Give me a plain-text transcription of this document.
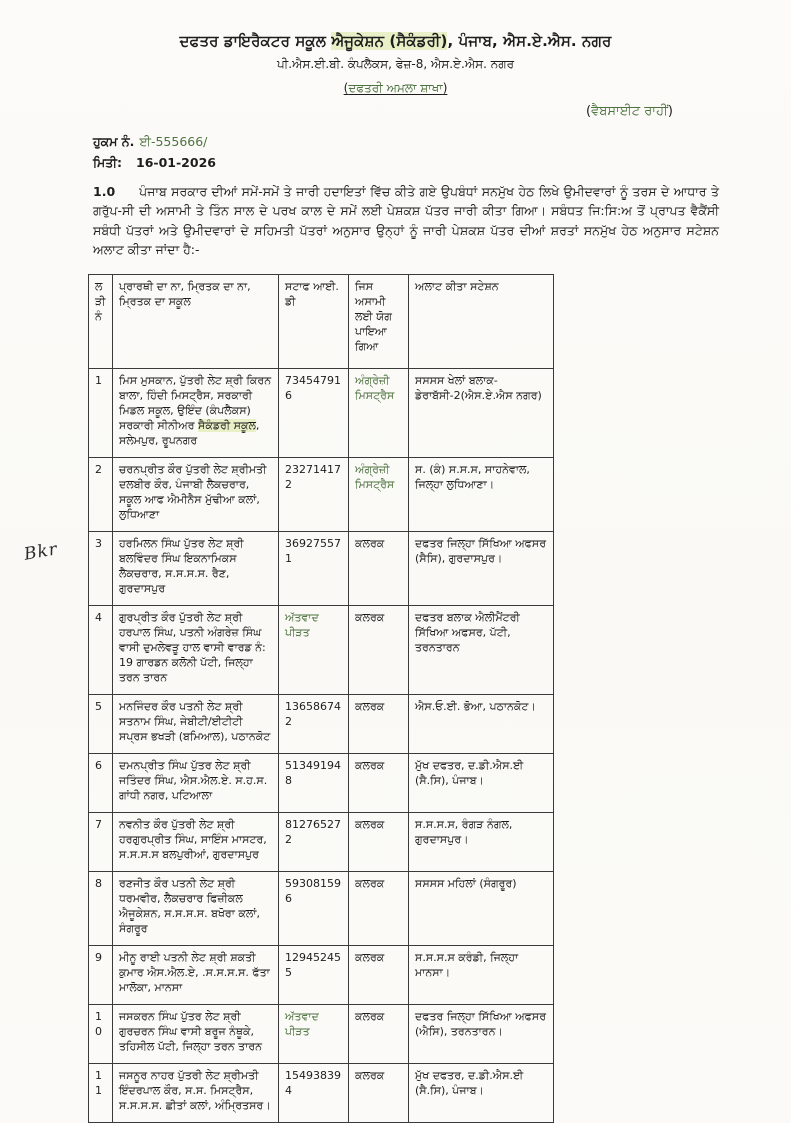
ਦਫਤਰ ਡਾਇਰੈਕਟਰ ਸਕੂਲ ਐਜੂਕੇਸ਼ਨ (ਸੈਕੰਡਰੀ), ਪੰਜਾਬ, ਐਸ.ਏ.ਐਸ. ਨਗਰ
ਪੀ.ਐਸ.ਈ.ਬੀ. ਕੰਪਲੈਕਸ, ਫੇਜ਼-8, ਐਸ.ਏ.ਐਸ. ਨਗਰ
(ਦਫਤਰੀ ਅਮਲਾ ਸ਼ਾਖਾ)
(ਵੈਬਸਾਈਟ ਰਾਹੀਂ)
ਹੁਕਮ ਨੰ. ਈ-555666/
ਮਿਤੀ: 16-01-2026
1.0 ਪੰਜਾਬ ਸਰਕਾਰ ਦੀਆਂ ਸਮੇਂ-ਸਮੇਂ ਤੇ ਜਾਰੀ ਹਦਾਇਤਾਂ ਵਿੱਚ ਕੀਤੇ ਗਏ ਉਪਬੰਧਾਂ ਸਨਮੁੱਖ ਹੇਠ ਲਿਖੇ ਉਮੀਦਵਾਰਾਂ ਨੂੰ ਤਰਸ ਦੇ ਆਧਾਰ ਤੇ ਗਰੁੱਪ-ਸੀ ਦੀ ਅਸਾਮੀ ਤੇ ਤਿੰਨ ਸਾਲ ਦੇ ਪਰਖ ਕਾਲ ਦੇ ਸਮੇਂ ਲਈ ਪੇਸ਼ਕਸ਼ ਪੱਤਰ ਜਾਰੀ ਕੀਤਾ ਗਿਆ। ਸਬੰਧਤ ਜਿ:ਸਿ:ਅ ਤੋਂ ਪ੍ਰਾਪਤ ਵੈਕੈਂਸੀ ਸਬੰਧੀ ਪੱਤਰਾਂ ਅਤੇ ਉਮੀਦਵਾਰਾਂ ਦੇ ਸਹਿਮਤੀ ਪੱਤਰਾਂ ਅਨੁਸਾਰ ਉਨ੍ਹਾਂ ਨੂੰ ਜਾਰੀ ਪੇਸ਼ਕਸ਼ ਪੱਤਰ ਦੀਆਂ ਸ਼ਰਤਾਂ ਸਨਮੁੱਖ ਹੇਠ ਅਨੁਸਾਰ ਸਟੇਸ਼ਨ ਅਲਾਟ ਕੀਤਾ ਜਾਂਦਾ ਹੈ:-
ਲੜੀ ਨੰ	ਪ੍ਰਾਰਥੀ ਦਾ ਨਾ, ਮ੍ਰਿਤਕ ਦਾ ਨਾ, ਮ੍ਰਿਤਕ ਦਾ ਸਕੂਲ	ਸਟਾਫ ਆਈ. ਡੀ	ਜਿਸ ਅਸਾਮੀ ਲਈ ਯੋਗ ਪਾਇਆ ਗਿਆ	ਅਲਾਟ ਕੀਤਾ ਸਟੇਸ਼ਨ
1	ਮਿਸ ਮੁਸਕਾਨ, ਪੁੱਤਰੀ ਲੇਟ ਸ਼੍ਰੀ ਕਿਰਨ ਬਾਲਾ, ਹਿੰਦੀ ਮਿਸਟ੍ਰੈਸ, ਸਰਕਾਰੀ ਮਿਡਲ ਸਕੂਲ, ਉਇੰਦ (ਕੰਪਲੈਕਸ) ਸਰਕਾਰੀ ਸੀਨੀਅਰ ਸੈਕੰਡਰੀ ਸਕੂਲ, ਸਲੇਮਪੁਰ, ਰੂਪਨਗਰ	734547916	ਅੰਗ੍ਰੇਜ਼ੀ ਮਿਸਟ੍ਰੈਸ	ਸਸਸਸ ਖੇਲਾਂ ਬਲਾਕ-ਡੇਰਾਬੱਸੀ-2(ਐਸ.ਏ.ਐਸ ਨਗਰ)
2	ਚਰਨਪ੍ਰੀਤ ਕੌਰ ਪੁੱਤਰੀ ਲੇਟ ਸ਼੍ਰੀਮਤੀ ਦਲਬੀਰ ਕੌਰ, ਪੰਜਾਬੀ ਲੈਕਚਰਾਰ, ਸਕੂਲ ਆਫ ਐਮੀਨੈਸ ਮੁੱਢੀਆ ਕਲਾਂ, ਲੁਧਿਆਣਾ	232714172	ਅੰਗ੍ਰੇਜ਼ੀ ਮਿਸਟ੍ਰੈਸ	ਸ. (ਕੰ) ਸ.ਸ.ਸ, ਸਾਹਨੇਵਾਲ, ਜਿਲ੍ਹਾ ਲੁਧਿਆਣਾ।
3	ਹਰਮਿਲਨ ਸਿੰਘ ਪੁੱਤਰ ਲੇਟ ਸ਼੍ਰੀ ਬਲਵਿੰਦਰ ਸਿੰਘ ਇਕਨਾਮਿਕਸ ਲੈਕਚਰਾਰ, ਸ.ਸ.ਸ.ਸ. ਰੈਣ, ਗੁਰਦਾਸਪੁਰ	369275571	ਕਲਰਕ	ਦਫਤਰ ਜਿਲ੍ਹਾ ਸਿੱਖਿਆ ਅਫਸਰ (ਸੈਸਿ), ਗੁਰਦਾਸਪੁਰ।
4	ਗੁਰਪ੍ਰੀਤ ਕੌਰ ਪੁੱਤਰੀ ਲੇਟ ਸ਼੍ਰੀ ਹਰਪਾਲ ਸਿੰਘ, ਪਤਨੀ ਅੰਗਰੇਜ਼ ਸਿੰਘ ਵਾਸੀ ਦੁਮਲੇਵੜੂ ਹਾਲ ਵਾਸੀ ਵਾਰਡ ਨੰ: 19 ਗਾਰਡਨ ਕਲੋਨੀ ਪੱਟੀ, ਜਿਲ੍ਹਾ ਤਰਨ ਤਾਰਨ	ਅੱਤਵਾਦ ਪੀੜਤ	ਕਲਰਕ	ਦਫਤਰ ਬਲਾਕ ਐਲੀਮੈਂਟਰੀ ਸਿੱਖਿਆ ਅਫਸਰ, ਪੱਟੀ, ਤਰਨਤਾਰਨ
5	ਮਨਜਿੰਦਰ ਕੌਰ ਪਤਨੀ ਲੇਟ ਸ਼੍ਰੀ ਸਤਨਾਮ ਸਿੰਘ, ਜੇਬੀਟੀ/ਈਟੀਟੀ ਸਪ੍ਰਸ ਭਖੜੀ (ਬਮਿਆਲ), ਪਠਾਨਕੋਟ	136586742	ਕਲਰਕ	ਐਸ.ਓ.ਈ. ਭੋਆ, ਪਠਾਨਕੋਟ।
6	ਦਮਨਪ੍ਰੀਤ ਸਿੰਘ ਪੁੱਤਰ ਲੇਟ ਸ਼੍ਰੀ ਜਤਿੰਦਰ ਸਿੰਘ, ਐਸ.ਐਲ.ਏ. ਸ.ਹ.ਸ. ਗਾਂਧੀ ਨਗਰ, ਪਟਿਆਲਾ	513491948	ਕਲਰਕ	ਮੁੱਖ ਦਫਤਰ, ਦ.ਡੀ.ਐਸ.ਈ (ਸੈ.ਸਿ), ਪੰਜਾਬ।
7	ਨਵਨੀਤ ਕੌਰ ਪੁੱਤਰੀ ਲੇਟ ਸ਼੍ਰੀ ਹਰਗੁਰਪ੍ਰੀਤ ਸਿੰਘ, ਸਾਇੰਸ ਮਾਸਟਰ, ਸ.ਸ.ਸ.ਸ ਬਲਪੁਰੀਆਂ, ਗੁਰਦਾਸਪੁਰ	812765272	ਕਲਰਕ	ਸ.ਸ.ਸ.ਸ, ਰੰਗੜ ਨੰਗਲ, ਗੁਰਦਾਸਪੁਰ।
8	ਰਣਜੀਤ ਕੌਰ ਪਤਨੀ ਲੇਟ ਸ਼੍ਰੀ ਧਰਮਵੀਰ, ਲੈਕਚਰਾਰ ਫਿਜ਼ੀਕਲ ਐਜੂਕੇਸ਼ਨ, ਸ.ਸ.ਸ.ਸ. ਬਖੋਰਾ ਕਲਾਂ, ਸੰਗਰੂਰ	593081596	ਕਲਰਕ	ਸਸਸਸ ਮਹਿਲਾਂ (ਸੰਗਰੂਰ)
9	ਮੀਨੂ ਰਾਈ ਪਤਨੀ ਲੇਟ ਸ਼੍ਰੀ ਸ਼ਕਤੀ ਕੁਮਾਰ ਐਸ.ਐਲ.ਏ, .ਸ.ਸ.ਸ.ਸ. ਫੱਤਾ ਮਾਲੋਕਾ, ਮਾਨਸਾ	129452455	ਕਲਰਕ	ਸ.ਸ.ਸ.ਸ ਕਰੰਡੀ, ਜਿਲ੍ਹਾ ਮਾਨਸਾ।
10	ਜਸਕਰਨ ਸਿੰਘ ਪੁੱਤਰ ਲੇਟ ਸ਼੍ਰੀ ਗੁਰਚਰਨ ਸਿੰਘ ਵਾਸੀ ਬਰੂਜ ਨੰਥੂਕੇ, ਤਹਿਸੀਲ ਪੱਟੀ, ਜਿਲ੍ਹਾ ਤਰਨ ਤਾਰਨ	ਅੱਤਵਾਦ ਪੀੜਤ	ਕਲਰਕ	ਦਫਤਰ ਜਿਲ੍ਹਾ ਸਿੱਖਿਆ ਅਫਸਰ (ਐਸਿ), ਤਰਨਤਾਰਨ।
11	ਜਸਨੂਰ ਨਾਹਰ ਪੁੱਤਰੀ ਲੇਟ ਸ਼੍ਰੀਮਤੀ ਇੰਦਰਪਾਲ ਕੌਰ, ਸ.ਸ. ਮਿਸਟ੍ਰੈਸ, ਸ.ਸ.ਸ.ਸ. ਛੀਤਾਂ ਕਲਾਂ, ਅੰਮ੍ਰਿਤਸਰ।	154938394	ਕਲਰਕ	ਮੁੱਖ ਦਫਤਰ, ਦ.ਡੀ.ਐਸ.ਈ (ਸੈ.ਸਿ), ਪੰਜਾਬ।
Bkr
